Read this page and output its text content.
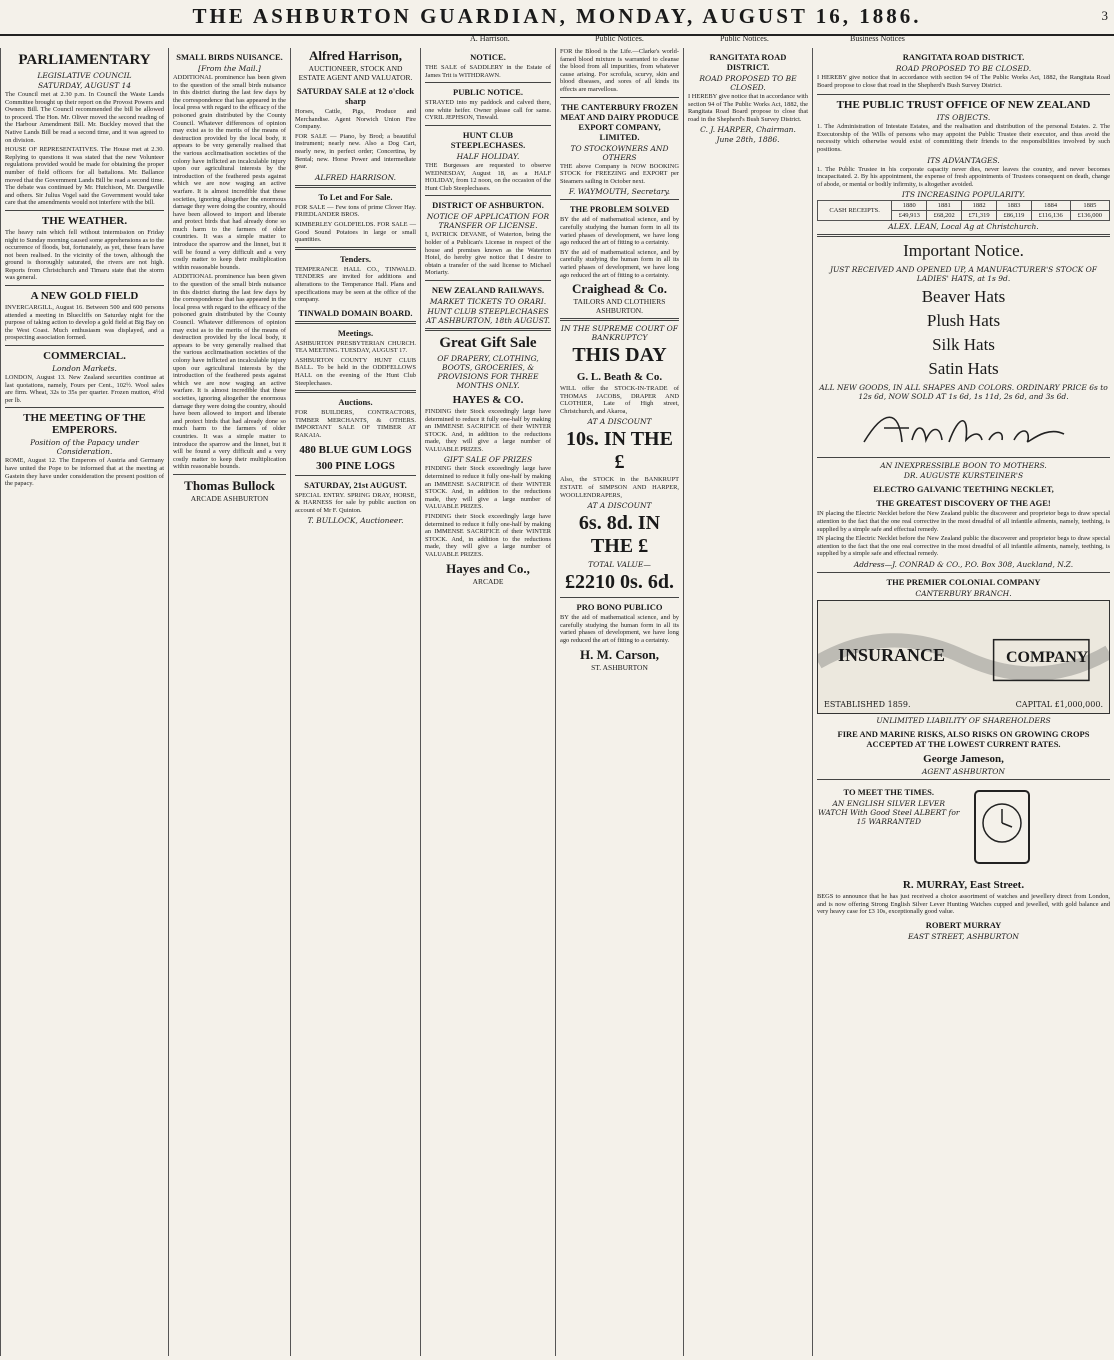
THE ASHBURTON GUARDIAN, MONDAY, AUGUST 16, 1886.	3
A. Harrison.	Public Notices.	Public Notices.	Business Notices
PARLIAMENTARY
LEGISLATIVE COUNCIL
SATURDAY, AUGUST 14

The Council met at 2.30 p.m. In Council the Waste Lands Committee brought up their report on the Provost Powers and Owners Bill. The Council recommended the bill be allowed to proceed. The Hon. Mr. Oliver moved the second reading of the Harbour Amendment Bill. Mr. Buckley moved that the Native Lands Bill be read a second time, and it was agreed to on division.

HOUSE OF REPRESENTATIVES. The House met at 2.30. Replying to questions it was stated that the new Volunteer regulations provided would be made for obtaining the proper number of field officers for all battalions. Mr. Ballance moved that the Government Lands Bill be read a second time. The debate was continued by Mr. Hutchison, Mr. Dargaville and others. Sir Julius Vogel said the Government would take care that the amendments would not interfere with the bill.

THE WEATHER.

The heavy rain which fell without intermission on Friday night to Sunday morning caused some apprehensions as to the occurrence of floods, but, fortunately, as yet, these fears have not been realised. In the vicinity of the town, although the ground is thoroughly saturated, the rivers are not high. Reports from Christchurch and Timaru state that the storm was general.

A NEW GOLD FIELD

INVERCARGILL, August 16. Between 500 and 600 persons attended a meeting in Bluecliffs on Saturday night for the purpose of taking action to develop a gold field at Big Bay on the West Coast. Much enthusiasm was displayed, and a prospecting association formed.

COMMERCIAL.
London Markets.

LONDON, August 13. New Zealand securities continue at last quotations, namely, Fours per Cent., 102½. Wool sales are firm. Wheat, 32s to 35s per quarter. Frozen mutton, 4½d per lb.

THE MEETING OF THE EMPERORS.
Position of the Papacy under Consideration.

ROME, August 12. The Emperors of Austria and Germany have united the Pope to be informed that at the meeting at Gastein they have under consideration the present position of the papacy.

SMALL BIRDS NUISANCE.
[From the Mail.]

ADDITIONAL prominence has been given to the question of the small birds nuisance in this district during the last few days by the correspondence that has appeared in the local press with regard to the efficacy of the poisoned grain distributed by the County Council. Whatever differences of opinion may exist as to the merits of the means of destruction provided by the local body, it appears to be very generally realised that the various acclimatisation societies of the colony have inflicted an incalculable injury upon our agricultural interests by the introduction of the feathered pests against which we are now waging an active warfare. It is almost incredible that these societies, ignoring altogether the enormous damage they were doing the country, should have been allowed to import and liberate and protect birds that had already done so much harm to the farmers of older countries. It was a simple matter to introduce the sparrow and the linnet, but it will be found a very difficult and a very costly matter to keep their multiplication within reasonable bounds.

ADDITIONAL prominence has been given to the question of the small birds nuisance in this district during the last few days by the correspondence that has appeared in the local press with regard to the efficacy of the poisoned grain distributed by the County Council. Whatever differences of opinion may exist as to the merits of the means of destruction provided by the local body, it appears to be very generally realised that the various acclimatisation societies of the colony have inflicted an incalculable injury upon our agricultural interests by the introduction of the feathered pests against which we are now waging an active warfare. It is almost incredible that these societies, ignoring altogether the enormous damage they were doing the country, should have been allowed to import and liberate and protect birds that had already done so much harm to the farmers of older countries. It was a simple matter to introduce the sparrow and the linnet, but it will be found a very difficult and a very costly matter to keep their multiplication within reasonable bounds.

Thomas Bullock
ARCADE ASHBURTON
Alfred Harrison,
AUCTIONEER, STOCK AND ESTATE AGENT AND VALUATOR.
SATURDAY SALE at 12 o'clock sharp

Horses, Cattle, Pigs, Produce and Merchandise. Agent Norwich Union Fire Company.

FOR SALE — Piano, by Brod; a beautiful instrument; nearly new. Also a Dog Cart, nearly new, in perfect order; Concertina, by Bental; new. Horse Power and intermediate gear.

ALFRED HARRISON.
To Let and For Sale.

FOR SALE — Few tons of prime Clover Hay. FRIEDLANDER BROS.

KIMBERLEY GOLDFIELDS. FOR SALE — Good Sound Potatoes in large or small quantities.

Tenders.

TEMPERANCE HALL CO., TINWALD. TENDERS are invited for additions and alterations to the Temperance Hall. Plans and specifications may be seen at the office of the company.

TINWALD DOMAIN BOARD.
Meetings.

ASHBURTON PRESBYTERIAN CHURCH. TEA MEETING. TUESDAY, AUGUST 17.

ASHBURTON COUNTY HUNT CLUB BALL. To be held in the ODDFELLOWS HALL on the evening of the Hunt Club Steeplechases.

Auctions.

FOR BUILDERS, CONTRACTORS, TIMBER MERCHANTS, & OTHERS. IMPORTANT SALE OF TIMBER AT RAKAIA.

480 BLUE GUM LOGS
300 PINE LOGS
SATURDAY, 21st AUGUST.

SPECIAL ENTRY. SPRING DRAY, HORSE, & HARNESS for sale by public auction on account of Mr F. Quinton.

T. BULLOCK, Auctioneer.
NOTICE.

THE SALE of SADDLERY in the Estate of James Trit is WITHDRAWN.

PUBLIC NOTICE.

STRAYED into my paddock and calved there, one white heifer. Owner please call for same. CYRIL JEPHSON, Tinwald.

HUNT CLUB STEEPLECHASES.
HALF HOLIDAY.

THE Burgesses are requested to observe WEDNESDAY, August 18, as a HALF HOLIDAY, from 12 noon, on the occasion of the Hunt Club Steeplechases.

DISTRICT OF ASHBURTON.
NOTICE OF APPLICATION FOR TRANSFER OF LICENSE.

I, PATRICK DEVANE, of Waterton, being the holder of a Publican's License in respect of the house and premises known as the Waterton Hotel, do hereby give notice that I desire to obtain a transfer of the said license to Michael Moriarty.

NEW ZEALAND RAILWAYS.
MARKET TICKETS TO ORARI.
HUNT CLUB STEEPLECHASES AT ASHBURTON, 18th AUGUST.
Great Gift Sale
OF DRAPERY, CLOTHING, BOOTS, GROCERIES, & PROVISIONS FOR THREE MONTHS ONLY.
HAYES & CO.

FINDING their Stock exceedingly large have determined to reduce it fully one-half by making an IMMENSE SACRIFICE of their WINTER STOCK. And, in addition to the reductions made, they will give a large number of VALUABLE PRIZES.

GIFT SALE OF PRIZES

FINDING their Stock exceedingly large have determined to reduce it fully one-half by making an IMMENSE SACRIFICE of their WINTER STOCK. And, in addition to the reductions made, they will give a large number of VALUABLE PRIZES.

FINDING their Stock exceedingly large have determined to reduce it fully one-half by making an IMMENSE SACRIFICE of their WINTER STOCK. And, in addition to the reductions made, they will give a large number of VALUABLE PRIZES.

Hayes and Co.,
ARCADE

FOR the Blood is the Life.—Clarke's world-famed blood mixture is warranted to cleanse the blood from all impurities, from whatever cause arising. For scrofula, scurvy, skin and blood diseases, and sores of all kinds its effects are marvellous.

THE CANTERBURY FROZEN MEAT AND DAIRY PRODUCE EXPORT COMPANY, LIMITED.
TO STOCKOWNERS AND OTHERS

THE above Company is NOW BOOKING STOCK for FREEZING and EXPORT per Steamers sailing in October next.

F. WAYMOUTH, Secretary.
THE PROBLEM SOLVED

BY the aid of mathematical science, and by carefully studying the human form in all its varied phases of development, we have long ago reduced the art of fitting to a certainty.

BY the aid of mathematical science, and by carefully studying the human form in all its varied phases of development, we have long ago reduced the art of fitting to a certainty.

Craighead & Co.
TAILORS AND CLOTHIERS ASHBURTON.
IN THE SUPREME COURT OF BANKRUPTCY
THIS DAY
G. L. Beath & Co.

WILL offer the STOCK-IN-TRADE of THOMAS JACOBS, DRAPER AND CLOTHIER, Late of High street, Christchurch, and Akaroa,

AT A DISCOUNT
10s. IN THE £

Also, the STOCK in the BANKRUPT ESTATE of SIMPSON AND HARPER, WOOLLENDRAPERS,

AT A DISCOUNT
6s. 8d. IN THE £
TOTAL VALUE—
£2210 0s. 6d.
PRO BONO PUBLICO

BY the aid of mathematical science, and by carefully studying the human form in all its varied phases of development, we have long ago reduced the art of fitting to a certainty.

H. M. Carson,
ST. ASHBURTON
RANGITATA ROAD DISTRICT.
ROAD PROPOSED TO BE CLOSED.

I HEREBY give notice that in accordance with section 94 of The Public Works Act, 1882, the Rangitata Road Board propose to close that road in the Shepherd's Bush Survey District.

C. J. HARPER, Chairman.
June 28th, 1886.
RANGITATA ROAD DISTRICT.
ROAD PROPOSED TO BE CLOSED.

I HEREBY give notice that in accordance with section 94 of The Public Works Act, 1882, the Rangitata Road Board propose to close that road in the Shepherd's Bush Survey District.

THE PUBLIC TRUST OFFICE OF NEW ZEALAND
ITS OBJECTS.

1. The Administration of Intestate Estates, and the realisation and distribution of the personal Estates. 2. The Executorship of the Wills of persons who may appoint the Public Trustee their executor, and thus avoid the necessity which otherwise would exist of committing their friends to the responsibilities involved by such positions.

ITS ADVANTAGES.

1. The Public Trustee in his corporate capacity never dies, never leaves the country, and never becomes incapacitated. 2. By his appointment, the expense of fresh appointments of Trustees consequent on death, change of abode, or mental or bodily infirmity, is altogether avoided.

ITS INCREASING POPULARITY.
CASH RECEIPTS.	1880	1881	1882	1883	1884	1885
	£49,913	£68,202	£71,319	£86,119	£116,136	£136,000
ALEX. LEAN, Local Ag at Christchurch.
Important Notice.
JUST RECEIVED AND OPENED UP, A MANUFACTURER'S STOCK OF LADIES' HATS, at 1s 9d.
Beaver Hats
Plush Hats
Silk Hats
Satin Hats
ALL NEW GOODS, IN ALL SHAPES AND COLORS. ORDINARY PRICE 6s to 12s 6d, NOW SOLD AT 1s 6d, 1s 11d, 2s 6d, and 3s 6d.
AN INEXPRESSIBLE BOON TO MOTHERS.
DR. AUGUSTE KURSTEINER'S
ELECTRO GALVANIC TEETHING NECKLET,
THE GREATEST DISCOVERY OF THE AGE!

IN placing the Electric Necklet before the New Zealand public the discoverer and proprietor begs to draw special attention to the fact that the one real corrective in the most dreadful of all infantile ailments, namely, teething, is supplied by a simple safe and effectual remedy.

IN placing the Electric Necklet before the New Zealand public the discoverer and proprietor begs to draw special attention to the fact that the one real corrective in the most dreadful of all infantile ailments, namely, teething, is supplied by a simple safe and effectual remedy.

Address—J. CONRAD & CO., P.O. Box 308, Auckland, N.Z.
THE PREMIER COLONIAL COMPANY
CANTERBURY BRANCH.
INSURANCE	COMPANY
ESTABLISHED 1859.	CAPITAL £1,000,000.
UNLIMITED LIABILITY OF SHAREHOLDERS
FIRE AND MARINE RISKS, ALSO RISKS ON GROWING CROPS ACCEPTED AT THE LOWEST CURRENT RATES.
George Jameson,
AGENT ASHBURTON
TO MEET THE TIMES.
AN ENGLISH SILVER LEVER WATCH With Good Steel ALBERT for 15 WARRANTED
R. MURRAY, East Street.

BEGS to announce that he has just received a choice assortment of watches and jewellery direct from London, and is now offering Strong English Silver Lever Hunting Watches cupped and jewelled, with gold balance and very heavy case for £3 10s, exceptionally good value.

ROBERT MURRAY
EAST STREET, ASHBURTON
